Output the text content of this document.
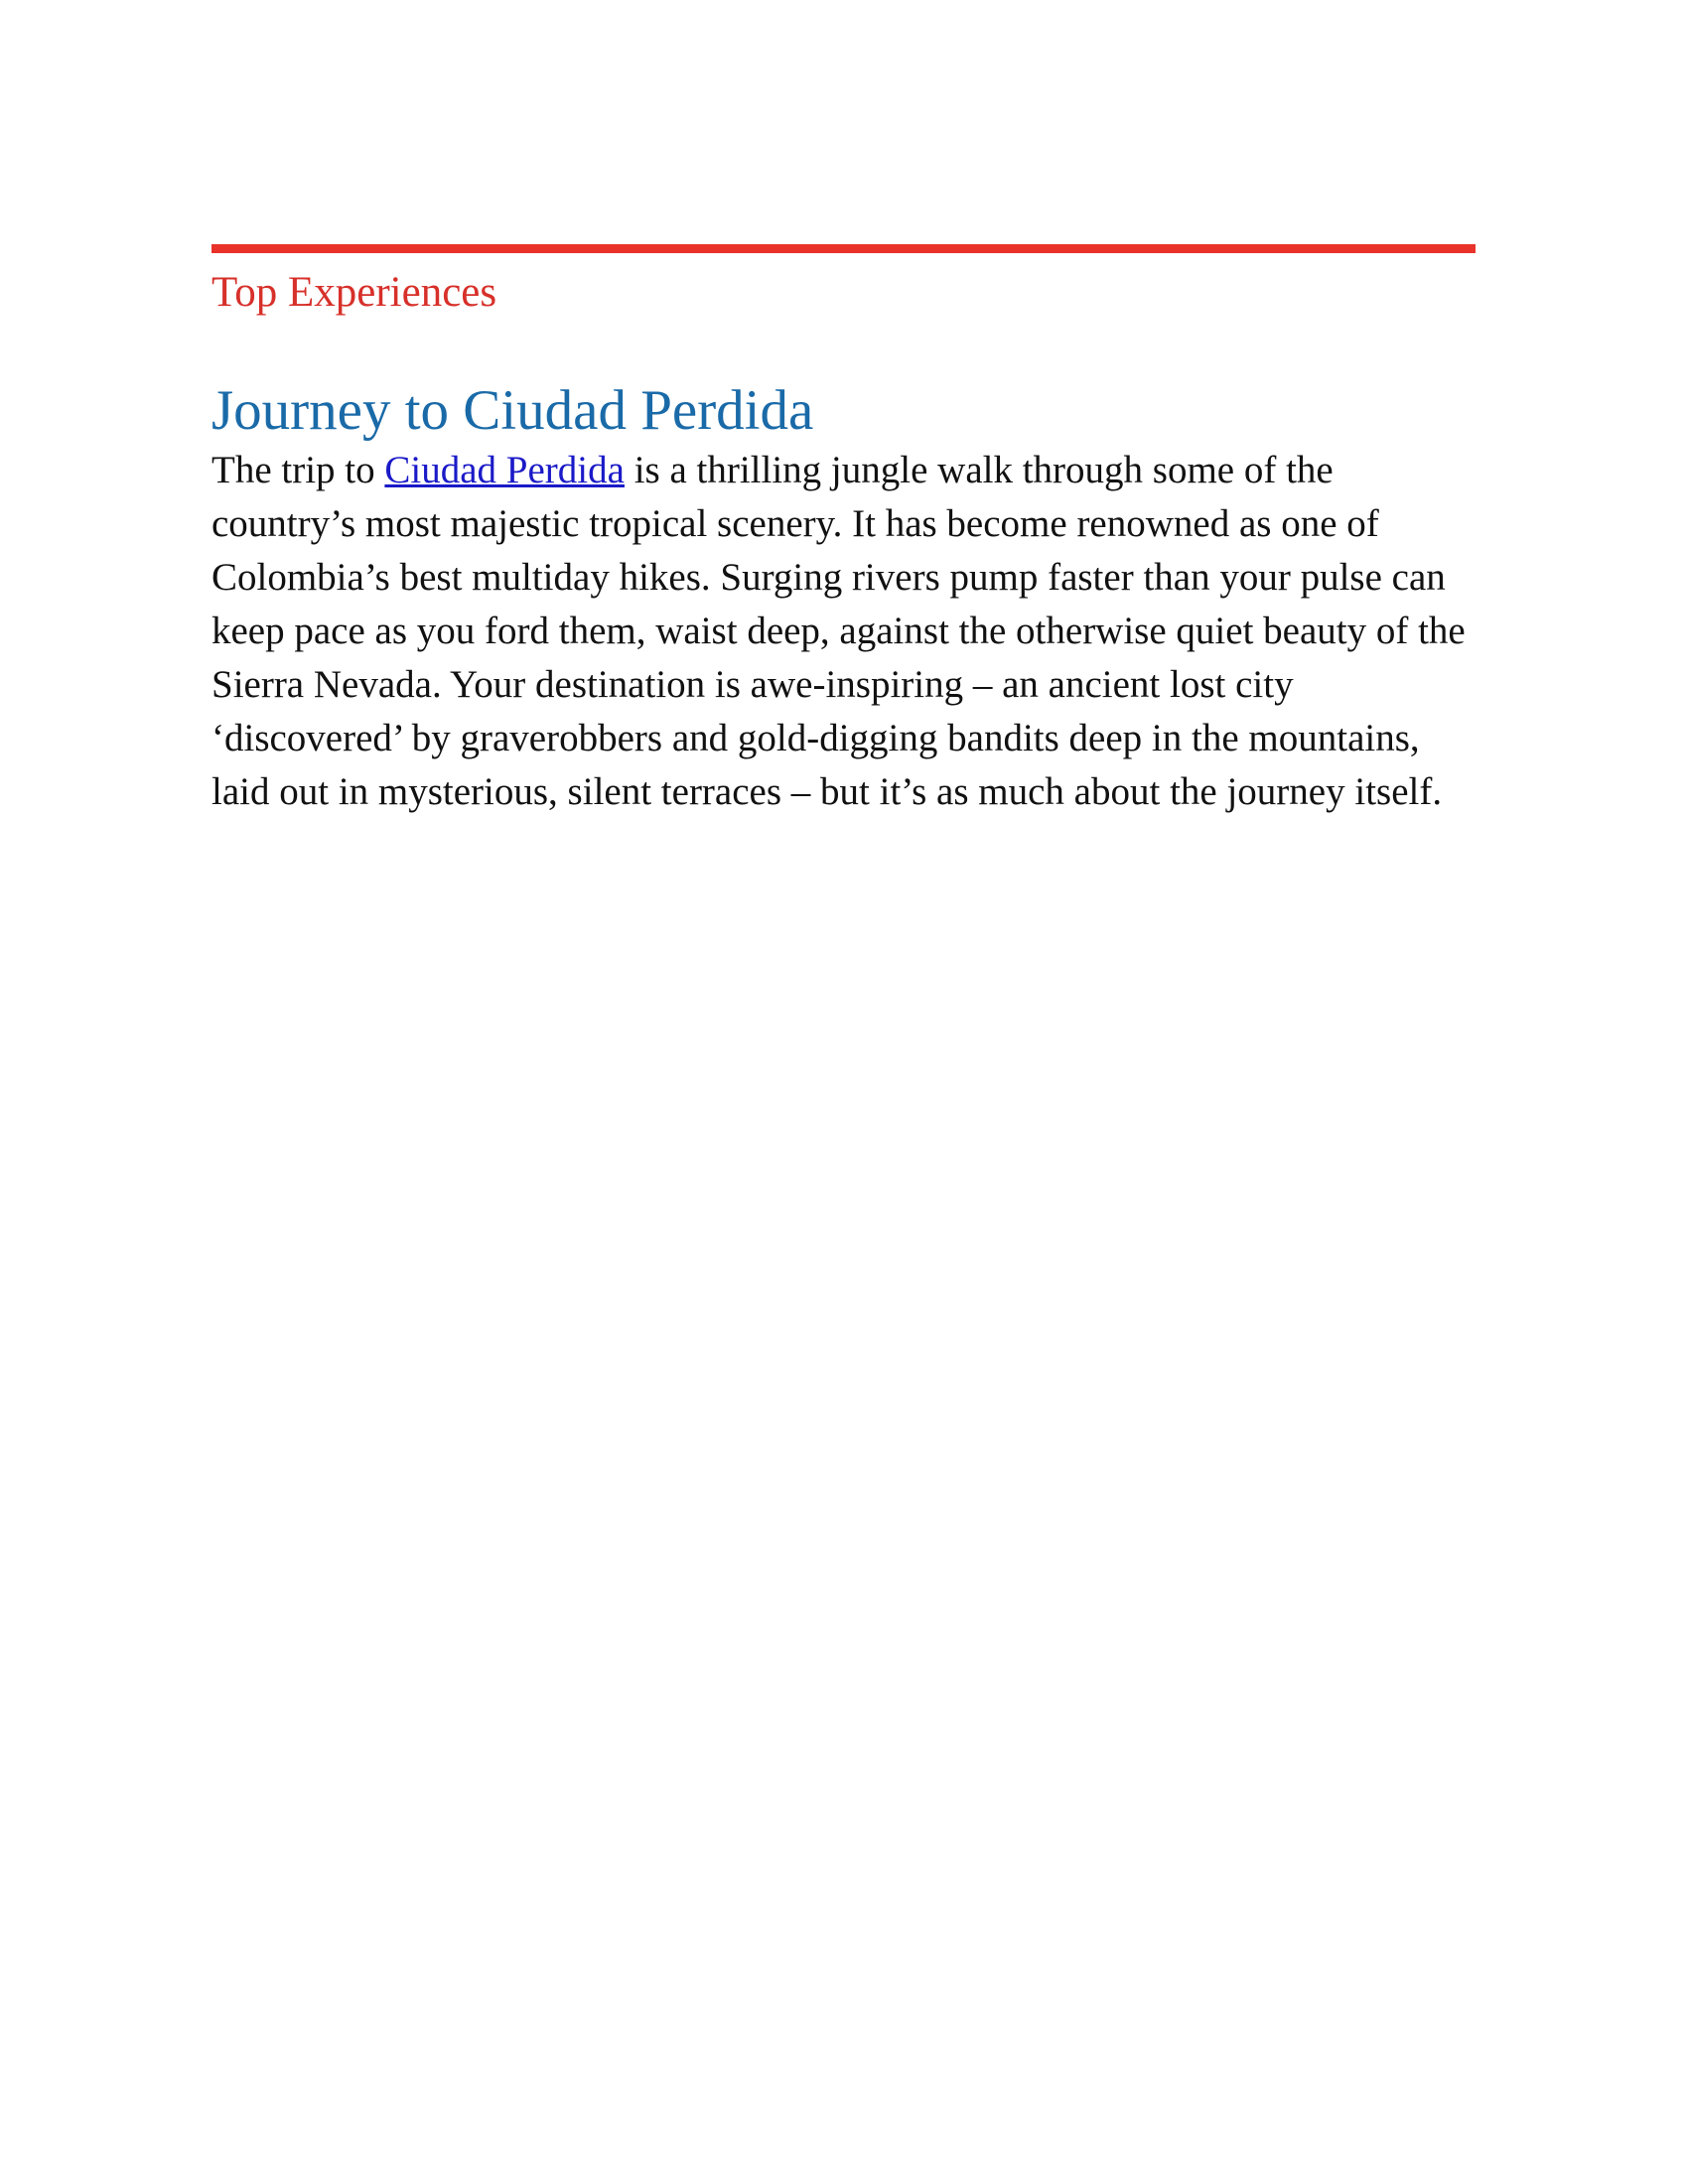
Top Experiences
Journey to Ciudad Perdida
The trip to Ciudad Perdida is a thrilling jungle walk through some of the country’s most majestic tropical scenery. It has become renowned as one of Colombia’s best multiday hikes. Surging rivers pump faster than your pulse can keep pace as you ford them, waist deep, against the otherwise quiet beauty of the Sierra Nevada. Your destination is awe-inspiring – an ancient lost city ‘discovered’ by graverobbers and gold-digging bandits deep in the mountains, laid out in mysterious, silent terraces – but it’s as much about the journey itself.
